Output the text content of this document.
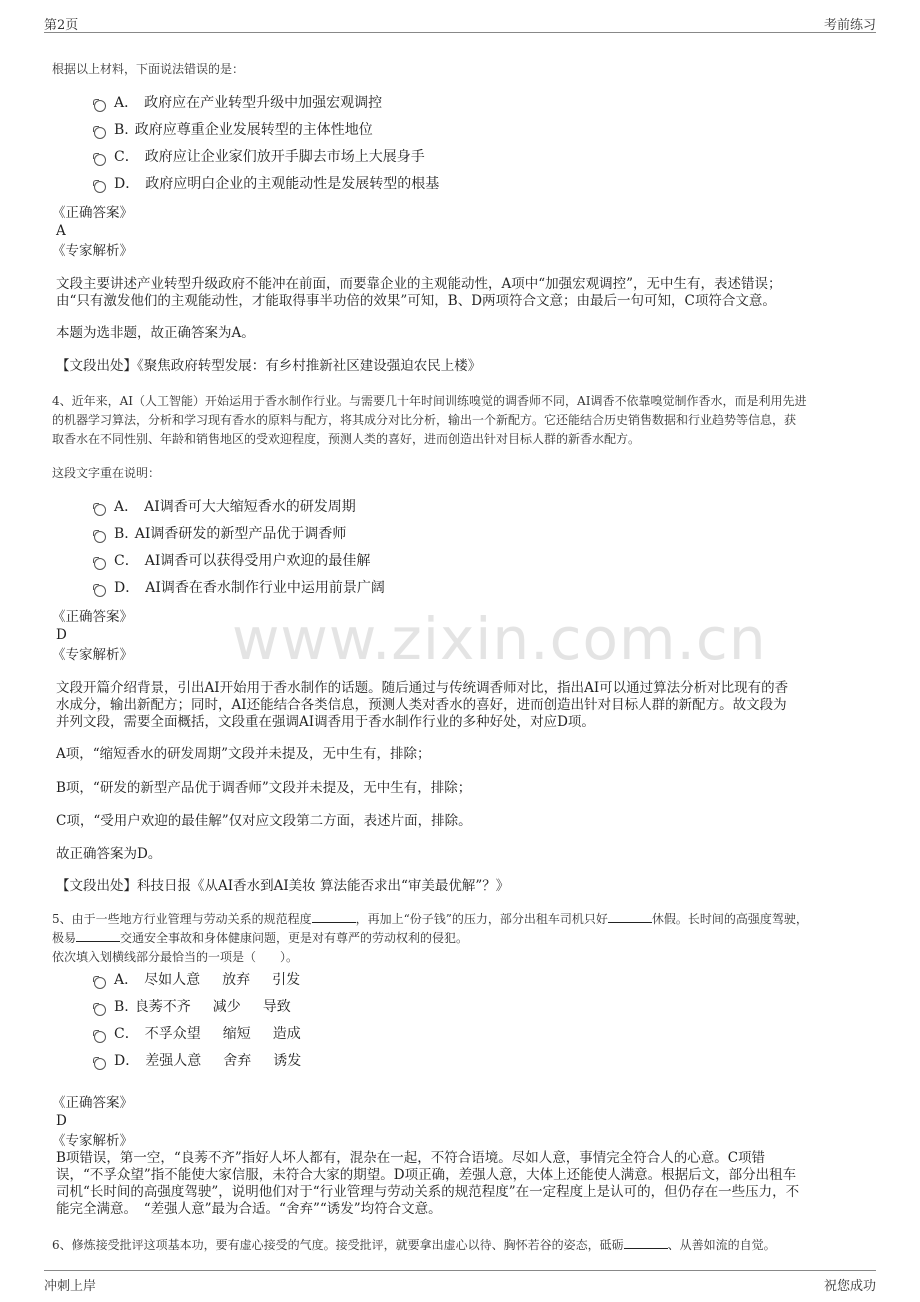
第2页	考前练习
www.zixin.com.cn
根据以上材料，下面说法错误的是：
A． 政府应在产业转型升级中加强宏观调控
B. 政府应尊重企业发展转型的主体性地位
C． 政府应让企业家们放开手脚去市场上大展身手
D． 政府应明白企业的主观能动性是发展转型的根基
《正确答案》
A
《专家解析》
文段主要讲述产业转型升级政府不能冲在前面，而要靠企业的主观能动性，A项中“加强宏观调控”，无中生有，表述错误；
由“只有激发他们的主观能动性，才能取得事半功倍的效果”可知，B、D两项符合文意；由最后一句可知，C项符合文意。
本题为选非题，故正确答案为A。
【文段出处】《聚焦政府转型发展：有乡村推新社区建设强迫农民上楼》
4、近年来，AI（人工智能）开始运用于香水制作行业。与需要几十年时间训练嗅觉的调香师不同，AI调香不依靠嗅觉制作香水，而是利用先进
的机器学习算法，分析和学习现有香水的原料与配方，将其成分对比分析，输出一个新配方。它还能结合历史销售数据和行业趋势等信息，获
取香水在不同性别、年龄和销售地区的受欢迎程度，预测人类的喜好，进而创造出针对目标人群的新香水配方。
这段文字重在说明：
A． AI调香可大大缩短香水的研发周期
B. AI调香研发的新型产品优于调香师
C． AI调香可以获得受用户欢迎的最佳解
D． AI调香在香水制作行业中运用前景广阔
《正确答案》
D
《专家解析》
文段开篇介绍背景，引出AI开始用于香水制作的话题。随后通过与传统调香师对比，指出AI可以通过算法分析对比现有的香
水成分，输出新配方；同时，AI还能结合各类信息，预测人类对香水的喜好，进而创造出针对目标人群的新配方。故文段为
并列文段，需要全面概括，文段重在强调AI调香用于香水制作行业的多种好处，对应D项。
A项，“缩短香水的研发周期”文段并未提及，无中生有，排除；
B项，“研发的新型产品优于调香师”文段并未提及，无中生有，排除；
C项，“受用户欢迎的最佳解”仅对应文段第二方面，表述片面，排除。
故正确答案为D。
【文段出处】科技日报《从AI香水到AI美妆 算法能否求出“审美最优解”？》
5、由于一些地方行业管理与劳动关系的规范程度	，再加上“份子钱”的压力，部分出租车司机只好	休假。长时间的高强度驾驶，
极易	交通安全事故和身体健康问题，更是对有尊严的劳动权利的侵犯。
依次填入划横线部分最恰当的一项是（　　）。
A． 尽如人意 放弃 引发
B. 良莠不齐 减少 导致
C． 不孚众望 缩短 造成
D． 差强人意 舍弃 诱发
《正确答案》
D
《专家解析》
B项错误，第一空，“良莠不齐”指好人坏人都有，混杂在一起，不符合语境。尽如人意，事情完全符合人的心意。C项错
误，“不孚众望”指不能使大家信服，未符合大家的期望。D项正确，差强人意，大体上还能使人满意。根据后文，部分出租车
司机“长时间的高强度驾驶”，说明他们对于“行业管理与劳动关系的规范程度”在一定程度上是认可的，但仍存在一些压力，不
能完全满意。　“差强人意”最为合适。“舍弃”“诱发”均符合文意。
6、修炼接受批评这项基本功，要有虚心接受的气度。接受批评，就要拿出虚心以待、胸怀若谷的姿态，砥砺	、从善如流的自觉。
冲刺上岸	祝您成功
